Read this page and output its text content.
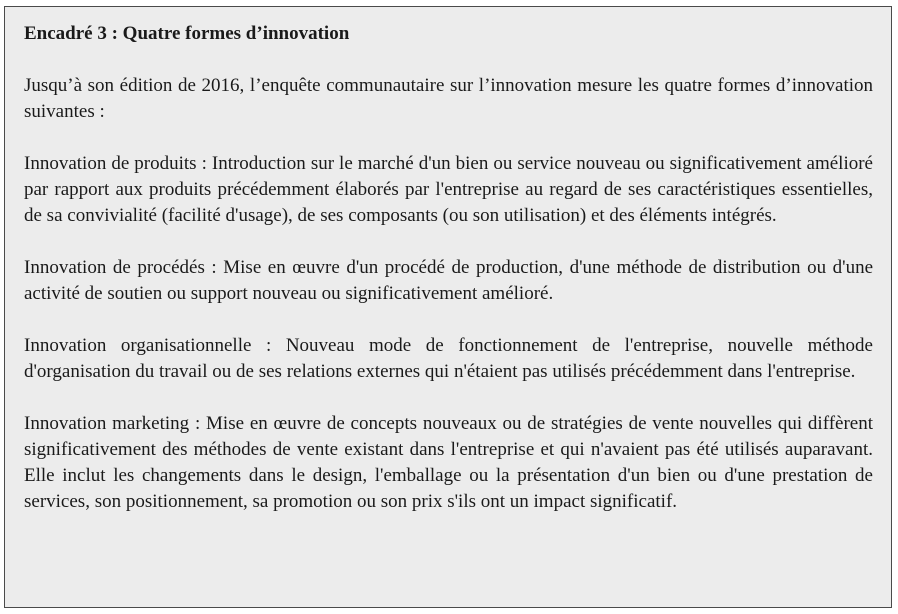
Encadré 3 : Quatre formes d’innovation

Jusqu’à son édition de 2016, l’enquête communautaire sur l’innovation mesure les quatre formes d’innovation suivantes :

Innovation de produits : Introduction sur le marché d'un bien ou service nouveau ou significativement amélioré par rapport aux produits précédemment élaborés par l'entreprise au regard de ses caractéristiques essentielles, de sa convivialité (facilité d'usage), de ses composants (ou son utilisation) et des éléments intégrés.

Innovation de procédés : Mise en œuvre d'un procédé de production, d'une méthode de distribution ou d'une activité de soutien ou support nouveau ou significativement amélioré.

Innovation organisationnelle : Nouveau mode de fonctionnement de l'entreprise, nouvelle méthode d'organisation du travail ou de ses relations externes qui n'étaient pas utilisés précédemment dans l'entreprise.

Innovation marketing : Mise en œuvre de concepts nouveaux ou de stratégies de vente nouvelles qui diffèrent significativement des méthodes de vente existant dans l'entreprise et qui n'avaient pas été utilisés auparavant. Elle inclut les changements dans le design, l'emballage ou la présentation d'un bien ou d'une prestation de services, son positionnement, sa promotion ou son prix s'ils ont un impact significatif.
